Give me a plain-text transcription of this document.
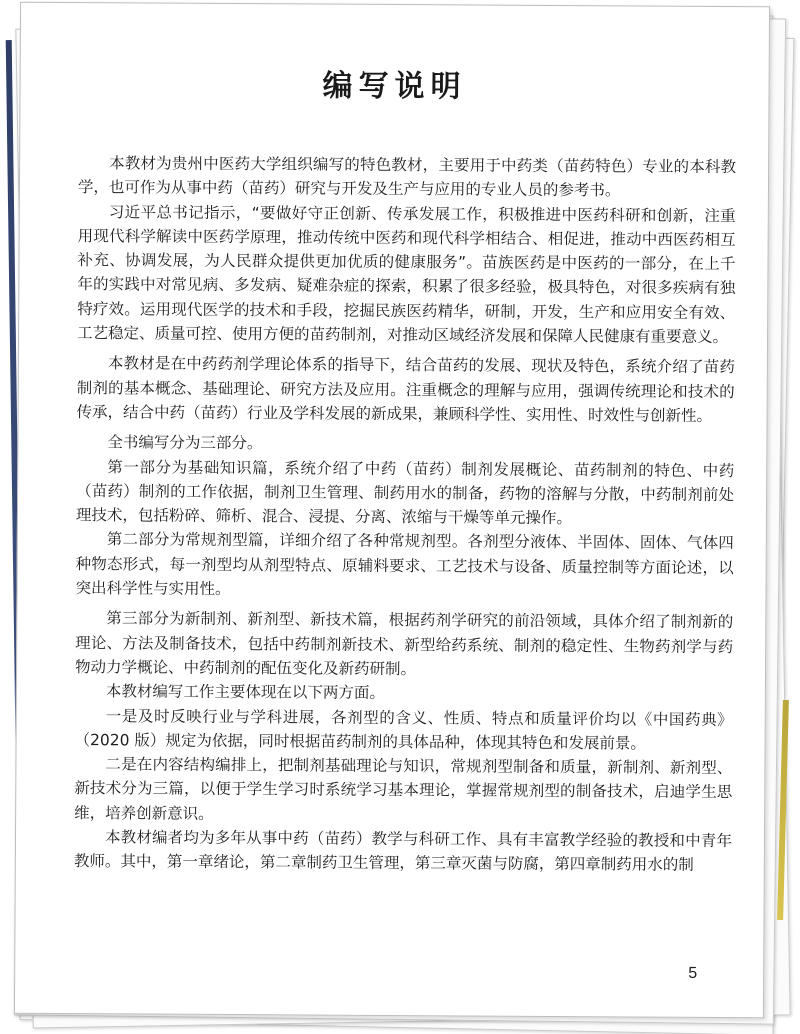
编写说明

本教材为贵州中医药大学组织编写的特色教材，主要用于中药类（苗药特色）专业的本科教学，也可作为从事中药（苗药）研究与开发及生产与应用的专业人员的参考书。

习近平总书记指示，“要做好守正创新、传承发展工作，积极推进中医药科研和创新，注重用现代科学解读中医药学原理，推动传统中医药和现代科学相结合、相促进，推动中西医药相互补充、协调发展，为人民群众提供更加优质的健康服务”。苗族医药是中医药的一部分，在上千年的实践中对常见病、多发病、疑难杂症的探索，积累了很多经验，极具特色，对很多疾病有独特疗效。运用现代医学的技术和手段，挖掘民族医药精华，研制，开发，生产和应用安全有效、工艺稳定、质量可控、使用方便的苗药制剂，对推动区域经济发展和保障人民健康有重要意义。

本教材是在中药药剂学理论体系的指导下，结合苗药的发展、现状及特色，系统介绍了苗药制剂的基本概念、基础理论、研究方法及应用。注重概念的理解与应用，强调传统理论和技术的传承，结合中药（苗药）行业及学科发展的新成果，兼顾科学性、实用性、时效性与创新性。

全书编写分为三部分。

第一部分为基础知识篇，系统介绍了中药（苗药）制剂发展概论、苗药制剂的特色、中药（苗药）制剂的工作依据，制剂卫生管理、制药用水的制备，药物的溶解与分散，中药制剂前处理技术，包括粉碎、筛析、混合、浸提、分离、浓缩与干燥等单元操作。

第二部分为常规剂型篇，详细介绍了各种常规剂型。各剂型分液体、半固体、固体、气体四种物态形式，每一剂型均从剂型特点、原辅料要求、工艺技术与设备、质量控制等方面论述，以突出科学性与实用性。

第三部分为新制剂、新剂型、新技术篇，根据药剂学研究的前沿领域，具体介绍了制剂新的理论、方法及制备技术，包括中药制剂新技术、新型给药系统、制剂的稳定性、生物药剂学与药物动力学概论、中药制剂的配伍变化及新药研制。

本教材编写工作主要体现在以下两方面。

一是及时反映行业与学科进展，各剂型的含义、性质、特点和质量评价均以《中国药典》（2020 版）规定为依据，同时根据苗药制剂的具体品种，体现其特色和发展前景。

二是在内容结构编排上，把制剂基础理论与知识，常规剂型制备和质量，新制剂、新剂型、新技术分为三篇，以便于学生学习时系统学习基本理论，掌握常规剂型的制备技术，启迪学生思维，培养创新意识。

本教材编者均为多年从事中药（苗药）教学与科研工作、具有丰富教学经验的教授和中青年教师。其中，第一章绪论，第二章制药卫生管理，第三章灭菌与防腐，第四章制药用水的制

5
